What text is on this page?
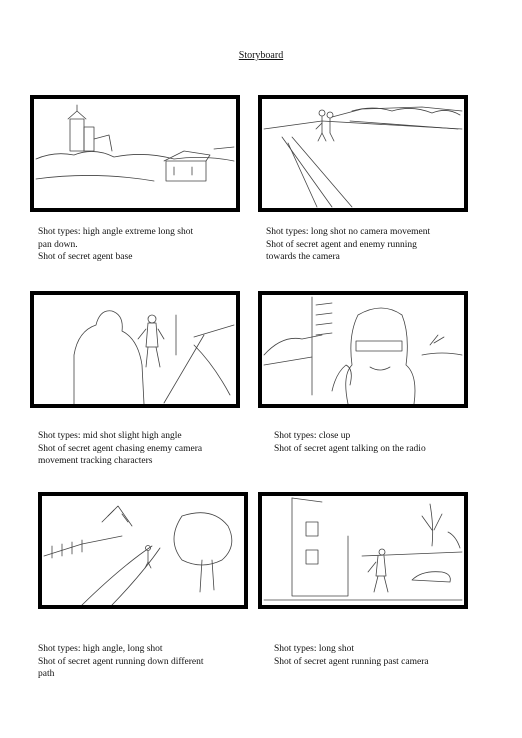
Storyboard
Shot types: high angle extreme long shot
pan down.
Shot of secret agent base
Shot types: long shot no camera movement
Shot of secret agent and enemy running
towards the camera
Shot types: mid shot slight high angle
Shot of secret agent chasing enemy camera
movement tracking characters
Shot types: close up
Shot of secret agent talking on the radio
Shot types: high angle, long shot
Shot of secret agent running down different
path
Shot types: long shot
Shot of secret agent running past camera
